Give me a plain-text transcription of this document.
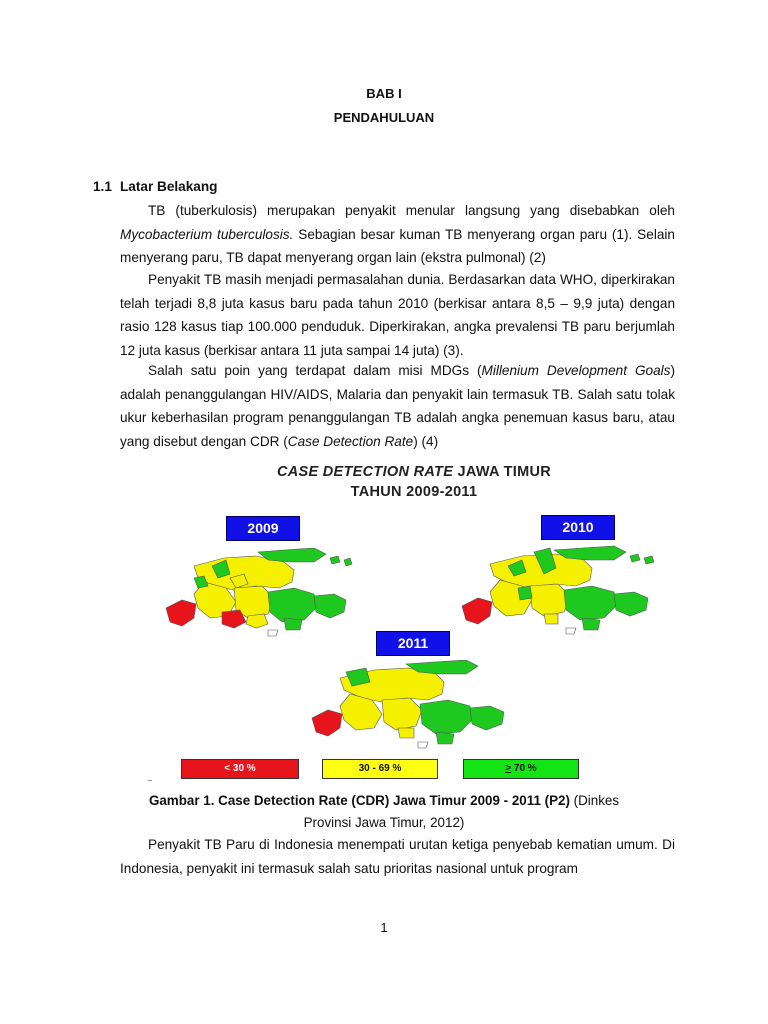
BAB I
PENDAHULUAN
1.1 Latar Belakang

TB (tuberkulosis) merupakan penyakit menular langsung yang disebabkan oleh Mycobacterium tuberculosis. Sebagian besar kuman TB menyerang organ paru (1). Selain menyerang paru, TB dapat menyerang organ lain (ekstra pulmonal) (2)

Penyakit TB masih menjadi permasalahan dunia. Berdasarkan data WHO, diperkirakan telah terjadi 8,8 juta kasus baru pada tahun 2010 (berkisar antara 8,5 – 9,9 juta) dengan rasio 128 kasus tiap 100.000 penduduk. Diperkirakan, angka prevalensi TB paru berjumlah 12 juta kasus (berkisar antara 11 juta sampai 14 juta) (3).

Salah satu poin yang terdapat dalam misi MDGs (Millenium Development Goals) adalah penanggulangan HIV/AIDS, Malaria dan penyakit lain termasuk TB. Salah satu tolak ukur keberhasilan program penanggulangan TB adalah angka penemuan kasus baru, atau yang disebut dengan CDR (Case Detection Rate) (4)

CASE DETECTION RATE JAWA TIMUR
TAHUN 2009-2011
2009	2010
2011
< 30 %	30 - 69 %	> 70 %
Gambar 1. Case Detection Rate (CDR) Jawa Timur 2009 - 2011 (P2) (Dinkes
Provinsi Jawa Timur, 2012)

Penyakit TB Paru di Indonesia menempati urutan ketiga penyebab kematian umum. Di Indonesia, penyakit ini termasuk salah satu prioritas nasional untuk program

1
